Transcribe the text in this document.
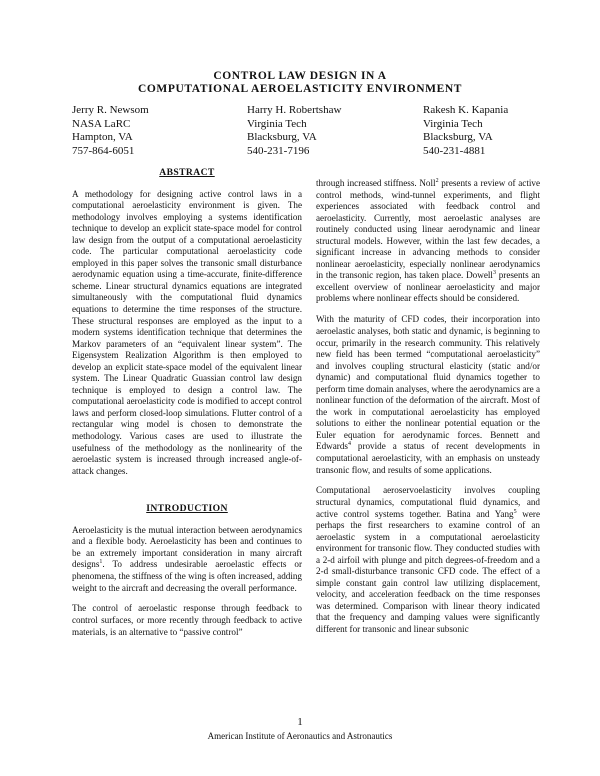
CONTROL LAW DESIGN IN A
COMPUTATIONAL AEROELASTICITY ENVIRONMENT
Jerry R. Newsom
NASA LaRC
Hampton, VA
757-864-6051
Harry H. Robertshaw
Virginia Tech
Blacksburg, VA
540-231-7196
Rakesh K. Kapania
Virginia Tech
Blacksburg, VA
540-231-4881
ABSTRACT

A methodology for designing active control laws in a computational aeroelasticity environment is given. The methodology involves employing a systems identification technique to develop an explicit state-space model for control law design from the output of a computational aeroelasticity code. The particular computational aeroelasticity code employed in this paper solves the transonic small disturbance aerodynamic equation using a time-accurate, finite-difference scheme. Linear structural dynamics equations are integrated simultaneously with the computational fluid dynamics equations to determine the time responses of the structure. These structural responses are employed as the input to a modern systems identification technique that determines the Markov parameters of an “equivalent linear system”. The Eigensystem Realization Algorithm is then employed to develop an explicit state-space model of the equivalent linear system. The Linear Quadratic Guassian control law design technique is employed to design a control law. The computational aeroelasticity code is modified to accept control laws and perform closed-loop simulations. Flutter control of a rectangular wing model is chosen to demonstrate the methodology. Various cases are used to illustrate the usefulness of the methodology as the nonlinearity of the aeroelastic system is increased through increased angle-of-attack changes.

INTRODUCTION

Aeroelasticity is the mutual interaction between aerodynamics and a flexible body. Aeroelasticity has been and continues to be an extremely important consideration in many aircraft designs$^1$. To address undesirable aeroelastic effects or phenomena, the stiffness of the wing is often increased, adding weight to the aircraft and decreasing the overall performance.

The control of aeroelastic response through feedback to control surfaces, or more recently through feedback to active materials, is an alternative to “passive control”

through increased stiffness. Noll$^2$ presents a review of active control methods, wind-tunnel experiments, and flight experiences associated with feedback control and aeroelasticity. Currently, most aeroelastic analyses are routinely conducted using linear aerodynamic and linear structural models. However, within the last few decades, a significant increase in advancing methods to consider nonlinear aeroelasticity, especially nonlinear aerodynamics in the transonic region, has taken place. Dowell$^3$ presents an excellent overview of nonlinear aeroelasticity and major problems where nonlinear effects should be considered.

With the maturity of CFD codes, their incorporation into aeroelastic analyses, both static and dynamic, is beginning to occur, primarily in the research community. This relatively new field has been termed “computational aeroelasticity” and involves coupling structural elasticity (static and/or dynamic) and computational fluid dynamics together to perform time domain analyses, where the aerodynamics are a nonlinear function of the deformation of the aircraft. Most of the work in computational aeroelasticity has employed solutions to either the nonlinear potential equation or the Euler equation for aerodynamic forces. Bennett and Edwards$^4$ provide a status of recent developments in computational aeroelasticity, with an emphasis on unsteady transonic flow, and results of some applications.

Computational aeroservoelasticity involves coupling structural dynamics, computational fluid dynamics, and active control systems together. Batina and Yang$^5$ were perhaps the first researchers to examine control of an aeroelastic system in a computational aeroelasticity environment for transonic flow. They conducted studies with a 2-d airfoil with plunge and pitch degrees-of-freedom and a 2-d small-disturbance transonic CFD code. The effect of a simple constant gain control law utilizing displacement, velocity, and acceleration feedback on the time responses was determined. Comparison with linear theory indicated that the frequency and damping values were significantly different for transonic and linear subsonic

1
American Institute of Aeronautics and Astronautics
